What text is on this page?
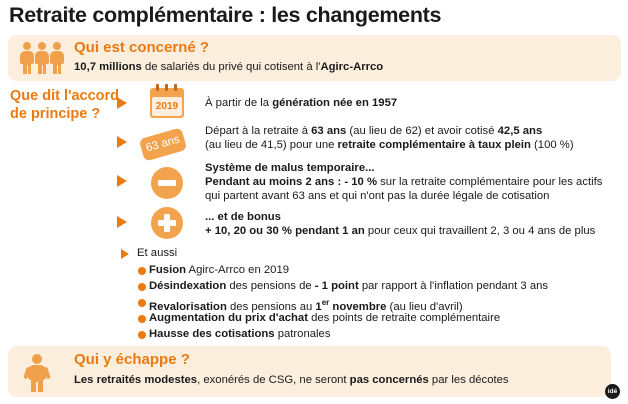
Retraite complémentaire : les changements
Qui est concerné ?
10,7 millions de salariés du privé qui cotisent à l'Agirc-Arrco
Que dit l'accord de principe ?	2019	À partir de la génération née en 1957
63 ans
Départ à la retraite à 63 ans (au lieu de 62) et avoir cotisé 42,5 ans
(au lieu de 41,5) pour une retraite complémentaire à taux plein (100 %)
Système de malus temporaire...
Pendant au moins 2 ans : - 10 % sur la retraite complémentaire pour les actifs
qui partent avant 63 ans et qui n'ont pas la durée légale de cotisation
... et de bonus
+ 10, 20 ou 30 % pendant 1 an pour ceux qui travaillent 2, 3 ou 4 ans de plus
Et aussi
Fusion Agirc-Arrco en 2019
Désindexation des pensions de - 1 point par rapport à l'inflation pendant 3 ans
Revalorisation des pensions au 1er novembre (au lieu d'avril)
Augmentation du prix d'achat des points de retraite complémentaire
Hausse des cotisations patronales
Qui y échappe ?
Les retraités modestes, exonérés de CSG, ne seront pas concernés par les décotes
idé
